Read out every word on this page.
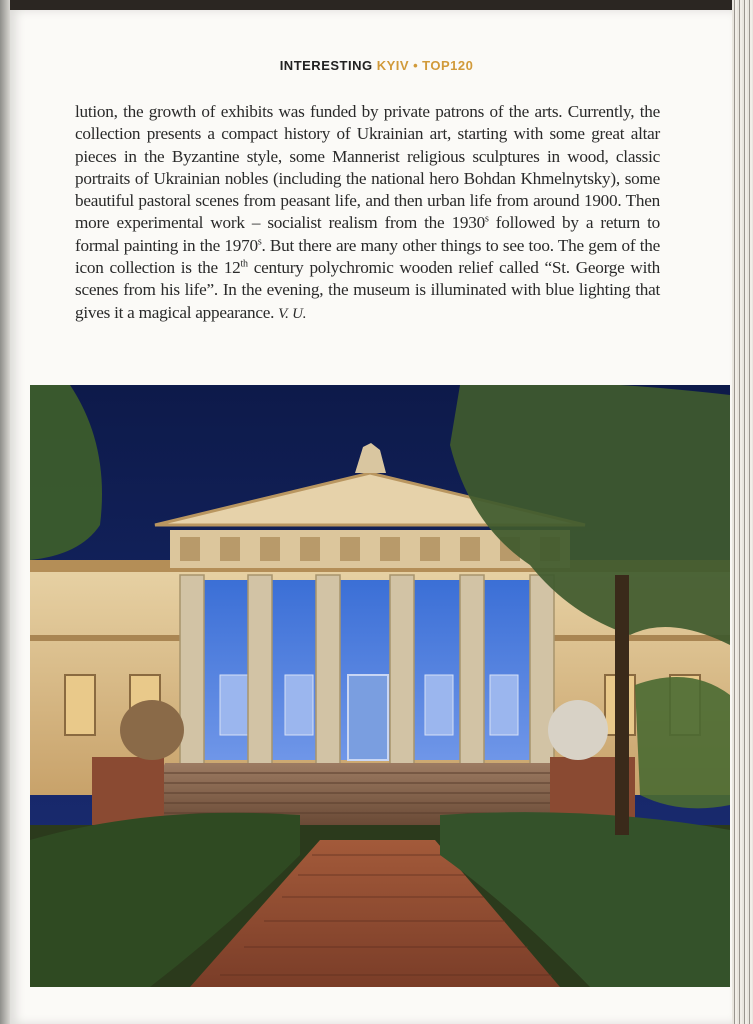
INTERESTING KYIV • TOP120
lution, the growth of exhibits was funded by private patrons of the arts. Currently, the collection presents a compact history of Ukrainian art, starting with some great altar pieces in the Byzantine style, some Mannerist religious sculptures in wood, classic portraits of Ukrainian nobles (including the national hero Bohdan Khmelnytsky), some beautiful pastoral scenes from peasant life, and then urban life from around 1900. Then more experimental work – socialist realism from the 1930$^s$ followed by a return to formal painting in the 1970$^s$. But there are many other things to see too. The gem of the icon collection is the 12th century polychromic wooden relief called “St. George with scenes from his life”. In the evening, the museum is illuminated with blue lighting that gives it a magical appearance. V. U.
